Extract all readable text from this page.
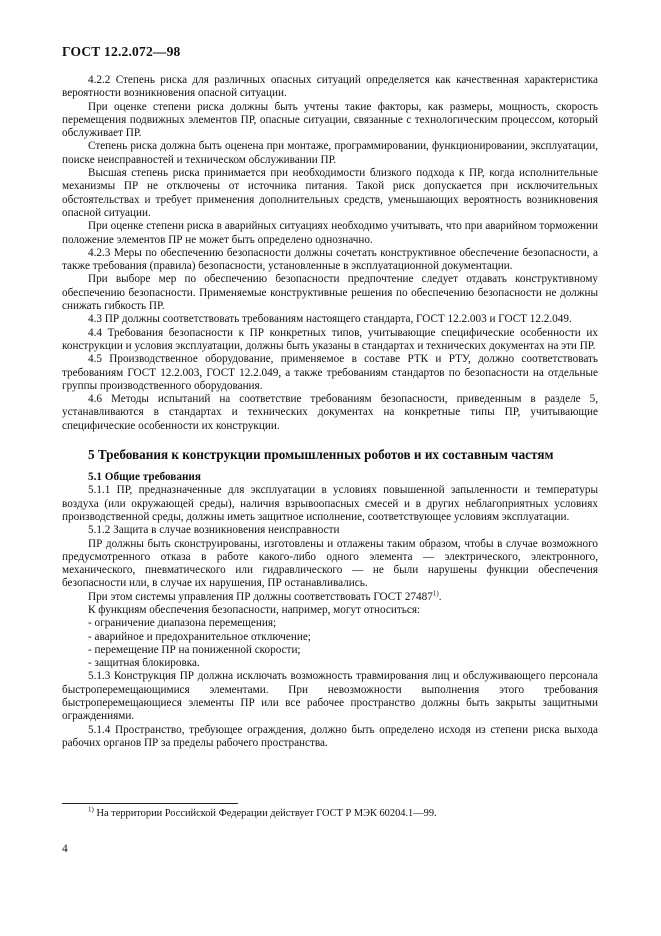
ГОСТ 12.2.072—98

4.2.2 Степень риска для различных опасных ситуаций определяется как качественная характеристика вероятности возникновения опасной ситуации.

При оценке степени риска должны быть учтены такие факторы, как размеры, мощность, скорость перемещения подвижных элементов ПР, опасные ситуации, связанные с технологическим процессом, который обслуживает ПР.

Степень риска должна быть оценена при монтаже, программировании, функционировании, эксплуатации, поиске неисправностей и техническом обслуживании ПР.

Высшая степень риска принимается при необходимости близкого подхода к ПР, когда исполнительные механизмы ПР не отключены от источника питания. Такой риск допускается при исключительных обстоятельствах и требует применения дополнительных средств, уменьшающих вероятность возникновения опасной ситуации.

При оценке степени риска в аварийных ситуациях необходимо учитывать, что при аварийном торможении положение элементов ПР не может быть определено однозначно.

4.2.3 Меры по обеспечению безопасности должны сочетать конструктивное обеспечение безопасности, а также требования (правила) безопасности, установленные в эксплуатационной документации.

При выборе мер по обеспечению безопасности предпочтение следует отдавать конструктивному обеспечению безопасности. Применяемые конструктивные решения по обеспечению безопасности не должны снижать гибкость ПР.

4.3 ПР должны соответствовать требованиям настоящего стандарта, ГОСТ 12.2.003 и ГОСТ 12.2.049.

4.4 Требования безопасности к ПР конкретных типов, учитывающие специфические особенности их конструкции и условия эксплуатации, должны быть указаны в стандартах и технических документах на эти ПР.

4.5 Производственное оборудование, применяемое в составе РТК и РТУ, должно соответствовать требованиям ГОСТ 12.2.003, ГОСТ 12.2.049, а также требованиям стандартов по безопасности на отдельные группы производственного оборудования.

4.6 Методы испытаний на соответствие требованиям безопасности, приведенным в разделе 5, устанавливаются в стандартах и технических документах на конкретные типы ПР, учитывающие специфические особенности их конструкции.

5 Требования к конструкции промышленных роботов и их составным частям

5.1 Общие требования

5.1.1 ПР, предназначенные для эксплуатации в условиях повышенной запыленности и температуры воздуха (или окружающей среды), наличия взрывоопасных смесей и в других неблагоприятных условиях производственной среды, должны иметь защитное исполнение, соответствующее условиям эксплуатации.

5.1.2 Защита в случае возникновения неисправности

ПР должны быть сконструированы, изготовлены и отлажены таким образом, чтобы в случае возможного предусмотренного отказа в работе какого-либо одного элемента — электрического, электронного, механического, пневматического или гидравлического — не были нарушены функции обеспечения безопасности или, в случае их нарушения, ПР останавливались.

При этом системы управления ПР должны соответствовать ГОСТ 27487$^{1)}$.

К функциям обеспечения безопасности, например, могут относиться:

- ограничение диапазона перемещения;

- аварийное и предохранительное отключение;

- перемещение ПР на пониженной скорости;

- защитная блокировка.

5.1.3 Конструкция ПР должна исключать возможность травмирования лиц и обслуживающего персонала быстроперемещающимися элементами. При невозможности выполнения этого требования быстроперемещающиеся элементы ПР или все рабочее пространство должны быть закрыты защитными ограждениями.

5.1.4 Пространство, требующее ограждения, должно быть определено исходя из степени риска выхода рабочих органов ПР за пределы рабочего пространства.

$^{1)}$ На территории Российской Федерации действует ГОСТ Р МЭК 60204.1—99.
4
